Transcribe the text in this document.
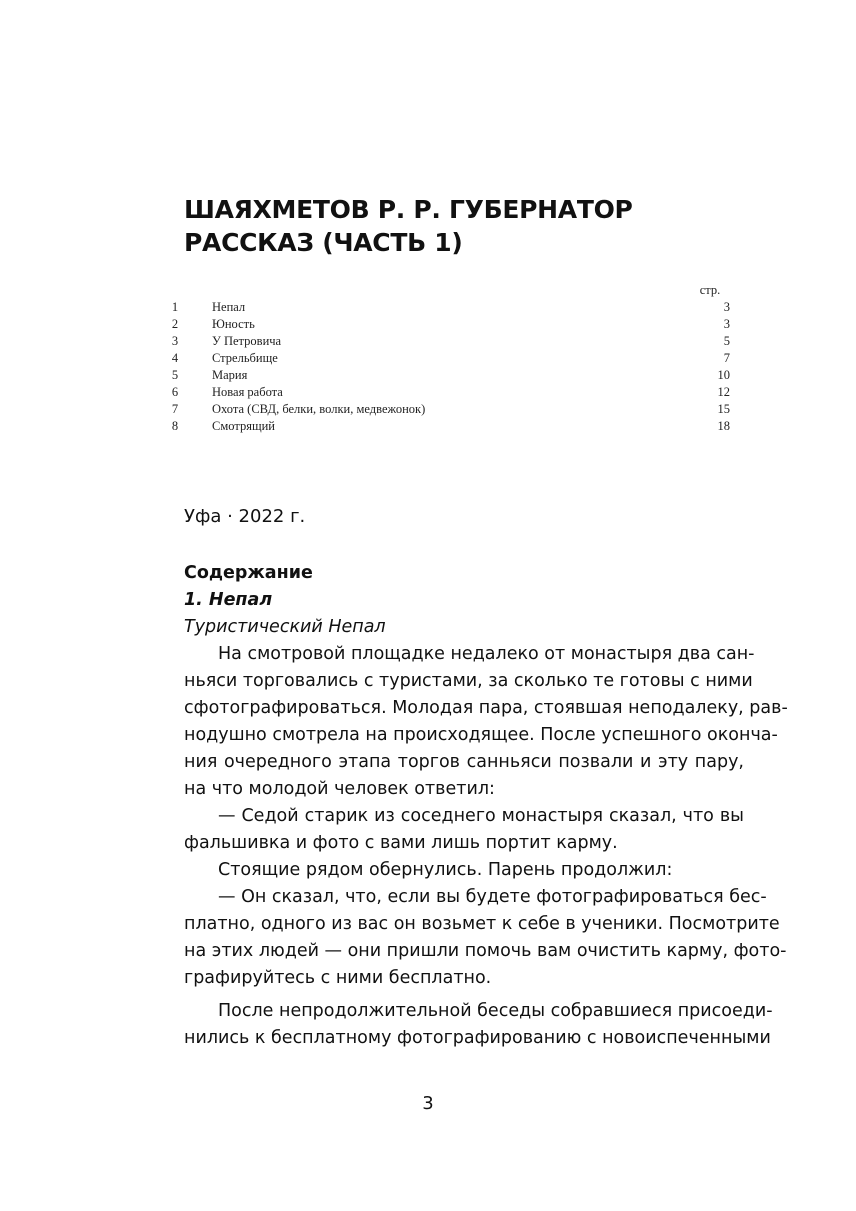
ШАЯХМЕТОВ Р. Р. ГУБЕРНАТОР
РАССКАЗ (ЧАСТЬ 1)
стр.
1	Непал	3
2	Юность	3
3	У Петровича	5
4	Стрельбище	7
5	Мария	10
6	Новая работа	12
7	Охота (СВД, белки, волки, медвежонок)	15
8	Смотрящий	18
Уфа · 2022 г.

Содержание

1. Непал

Туристический Непал

На смотровой площадке недалеко от монастыря два сан-
ньяси торговались с туристами, за сколько те готовы с ними
сфотографироваться. Молодая пара, стоявшая неподалеку, рав-
нодушно смотрела на происходящее. После успешного оконча-
ния очередного этапа торгов санньяси позвали и эту пару,
на что молодой человек ответил:
— Седой старик из соседнего монастыря сказал, что вы
фальшивка и фото с вами лишь портит карму.
Стоящие рядом обернулись. Парень продолжил:
— Он сказал, что, если вы будете фотографироваться бес-
платно, одного из вас он возьмет к себе в ученики. Посмотрите
на этих людей — они пришли помочь вам очистить карму, фото-
графируйтесь с ними бесплатно.
После непродолжительной беседы собравшиеся присоеди-
нились к бесплатному фотографированию с новоиспеченными
3
